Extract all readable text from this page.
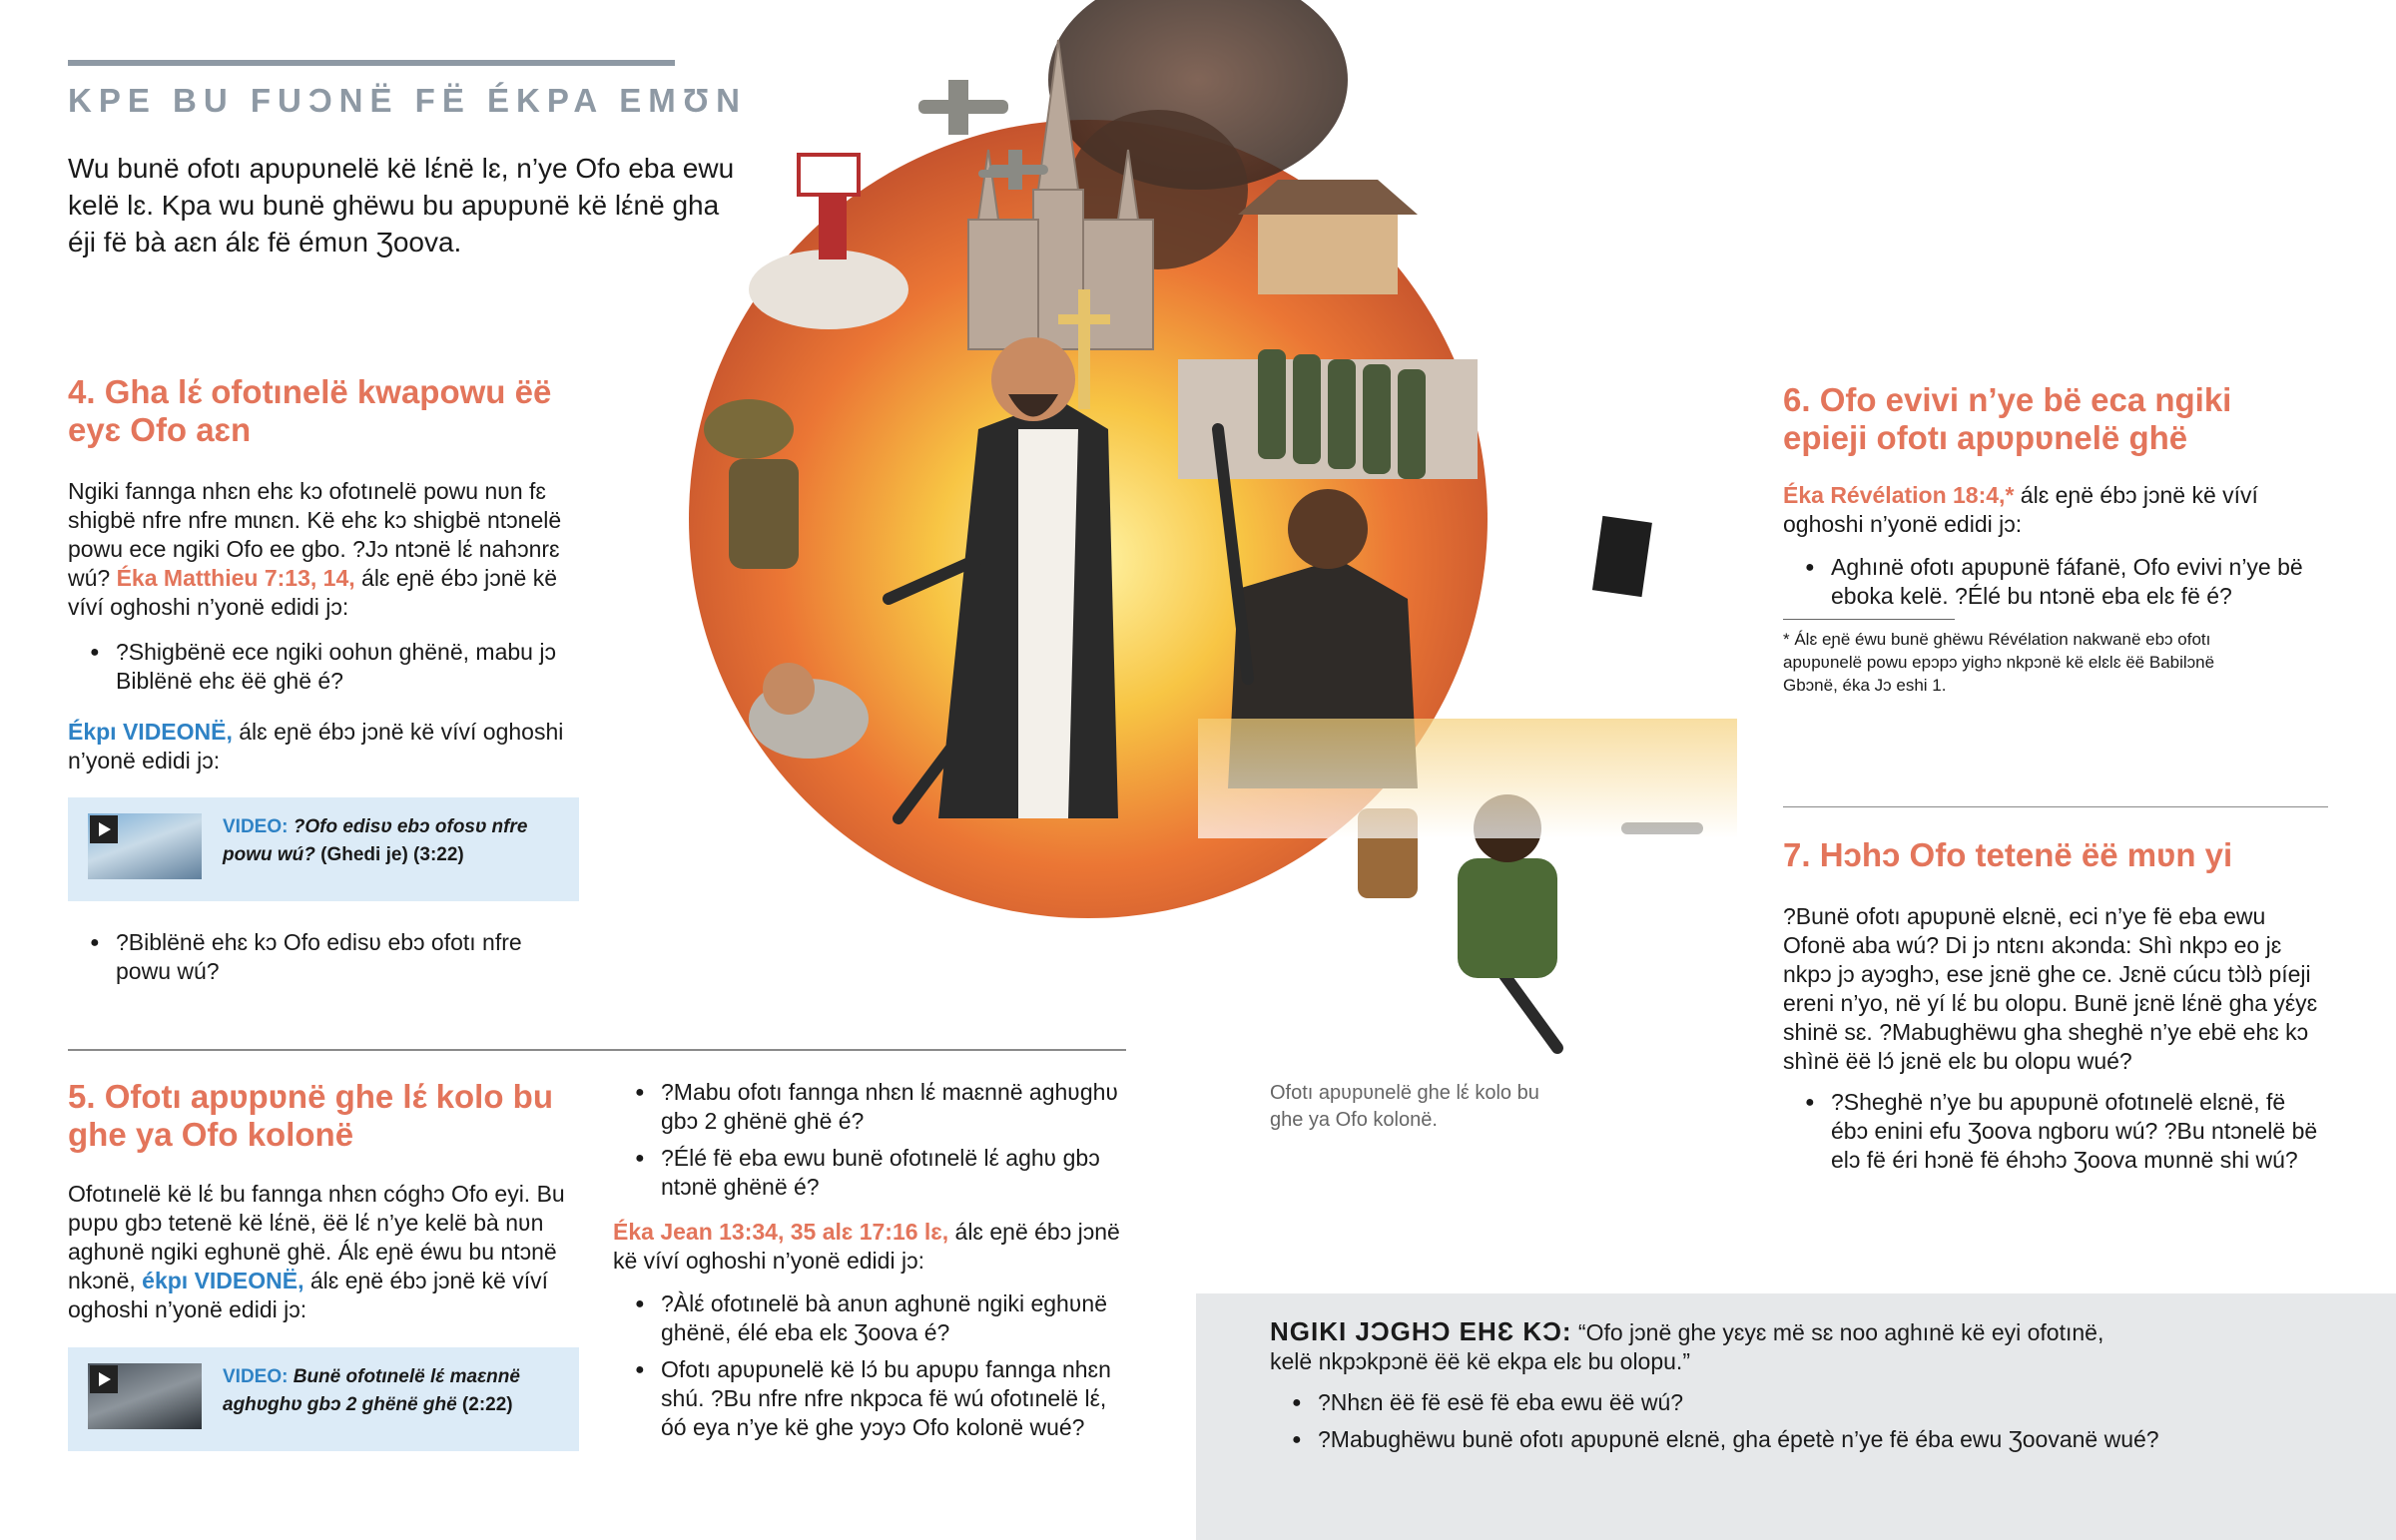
KPE BU FUƆNË FË ÉKPA EMƱN
Wu bunë ofotı apʋpʋnelë kë lέnë lɛ, n’ye Ofo eba ewu kelë lɛ. Kpa wu bunë ghëwu bu apʋpʋnë kë lέnë gha éji fë bà aɛn álɛ fë émʋn Ʒoova.
4. Gha lέ ofotınelë kwapowu ëë eyɛ Ofo aɛn

Ngiki fannga nhɛn ehɛ kɔ ofotınelë powu nʋn fɛ shigbë nfre nfre mɩnɛn. Kë ehɛ kɔ shigbë ntɔnelë powu ece ngiki Ofo ee gbo. ?Jɔ ntɔnë lέ nahɔnrɛ wú? Éka Matthieu 7:13, 14, álɛ eɲë ébɔ jɔnë kë víví oghoshi n’yonë edidi jɔ:

● ?Shigbënë ece ngiki oohʋn ghënë, mabu jɔ Biblënë ehɛ ëë ghë é?

Ékpı VIDEONË, álɛ eɲë ébɔ jɔnë kë víví oghoshi n’yonë edidi jɔ:

VIDEO: ?Ofo edisʋ ebɔ ofosʋ nfre powu wú? (Ghedi je) (3:22)
● ?Biblënë ehɛ kɔ Ofo edisʋ ebɔ ofotı nfre powu wú?
5. Ofotı apʋpʋnë ghe lέ kolo bu ghe ya Ofo kolonë

Ofotınelë kë lέ bu fannga nhɛn cóghɔ Ofo eyi. Bu pʋpʋ gbɔ tetenë kë lέnë, ëë lέ n’ye kelë bà nʋn aghʋnë ngiki eghʋnë ghë. Álɛ eɲë éwu bu ntɔnë nkɔnë, ékpı VIDEONË, álɛ eɲë ébɔ jɔnë kë víví oghoshi n’yonë edidi jɔ:

VIDEO: Bunë ofotınelë lέ maɛnnë aghʋghʋ gbɔ 2 ghënë ghë (2:22)
● ?Mabu ofotı fannga nhɛn lέ maɛnnë aghʋghʋ gbɔ 2 ghënë ghë é?
● ?Élé fë eba ewu bunë ofotınelë lέ aghʋ gbɔ ntɔnë ghënë é?

Éka Jean 13:34, 35 alɛ 17:16 lɛ, álɛ eɲë ébɔ jɔnë kë víví oghoshi n’yonë edidi jɔ:

● ?Àlέ ofotınelë bà anʋn aghʋnë ngiki eghʋnë ghënë, élé eba elɛ Ʒoova é?
● Ofotı apʋpʋnelë kë lɔ́ bu apʋpʋ fannga nhɛn shú. ?Bu nfre nfre nkpɔca fë wú ofotınelë lέ, óó eya n’ye kë ghe yɔyɔ Ofo kolonë wué?
Ofotı apʋpʋnelë ghe lέ kolo bu ghe ya Ofo kolonë.
6. Ofo evivi n’ye bë eca ngiki epieji ofotı apʋpʋnelë ghë

Éka Révélation 18:4,* álɛ eɲë ébɔ jɔnë kë víví oghoshi n’yonë edidi jɔ:

● Aghınë ofotı apʋpʋnë fáfanë, Ofo evivi n’ye bë eboka kelë. ?Élé bu ntɔnë eba elɛ fë é?
* Álɛ eɲë éwu bunë ghëwu Révélation nakwanë ebɔ ofotı apʋpʋnelë powu epɔpɔ yighɔ nkpɔnë kë elɛlɛ ëë Babilɔnë Gbɔnë, éka Jɔ eshi 1.
7. Hɔhɔ Ofo tetenë ëë mʋn yi

?Bunë ofotı apʋpʋnë elɛnë, eci n’ye fë eba ewu Ofonë aba wú? Di jɔ ntɛnı akɔnda: Shì nkpɔ eo jɛ nkpɔ jɔ ayɔghɔ, ese jɛnë ghe ce. Jɛnë cúcu tɔ̀lɔ̀ píeji ereni n’yo, në yí lέ bu olopu. Bunë jɛnë lέnë gha yέyɛ shinë sɛ. ?Mabughëwu gha sheghë n’ye ebë ehɛ kɔ shìnë ëë lɔ́ jɛnë elɛ bu olopu wué?

● ?Sheghë n’ye bu apʋpʋnë ofotınelë elɛnë, fë ébɔ enini efu Ʒoova ngboru wú? ?Bu ntɔnelë bë elɔ fë éri hɔnë fë éhɔhɔ Ʒoova mʋnnë shi wú?

NGIKI JƆGHƆ EHƐ KƆ: “Ofo jɔnë ghe yɛyɛ më sɛ noo aghınë kë eyi ofotınë, kelë nkpɔkpɔnë ëë kë ekpa elɛ bu olopu.”

● ?Nhɛn ëë fë esë fë eba ewu ëë wú?
● ?Mabughëwu bunë ofotı apʋpʋnë elɛnë, gha épetè n’ye fë éba ewu Ʒoovanë wué?
